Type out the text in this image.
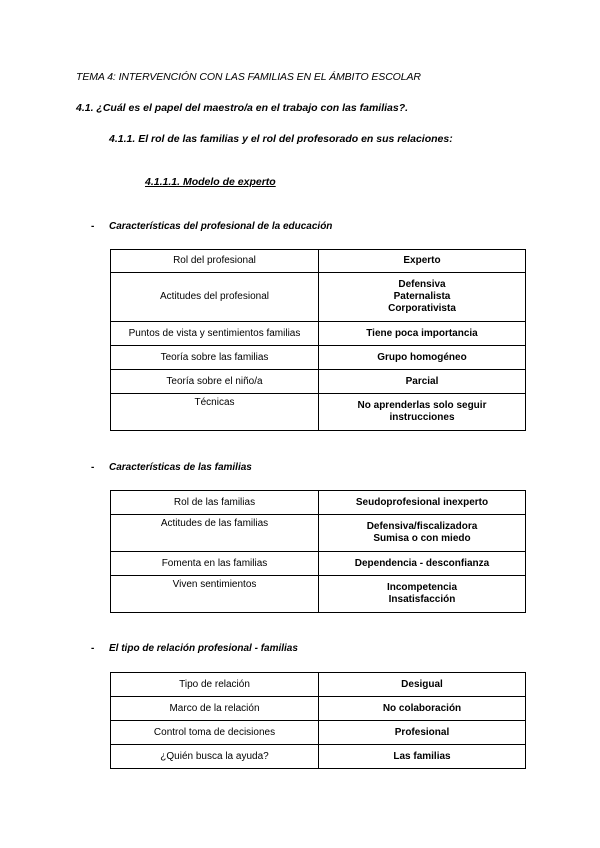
TEMA 4: INTERVENCIÓN CON LAS FAMILIAS EN EL ÁMBITO ESCOLAR
4.1. ¿Cuál es el papel del maestro/a en el trabajo con las familias?.
4.1.1. El rol de las familias y el rol del profesorado en sus relaciones:
4.1.1.1. Modelo de experto
- Características del profesional de la educación
Rol del profesional	Experto

Actitudes del profesional	Defensiva
Paternalista
Corporativista

Puntos de vista y sentimientos familias	Tiene poca importancia

Teoría sobre las familias	Grupo homogéneo

Teoría sobre el niño/a	Parcial

Técnicas	No aprenderlas solo seguir
instrucciones
- Características de las familias
Rol de las familias	Seudoprofesional inexperto

Actitudes de las familias	Defensiva/fiscalizadora
Sumisa o con miedo

Fomenta en las familias	Dependencia - desconfianza

Viven sentimientos	Incompetencia
Insatisfacción
- El tipo de relación profesional - familias
Tipo de relación	Desigual

Marco de la relación	No colaboración

Control toma de decisiones	Profesional

¿Quién busca la ayuda?	Las familias
